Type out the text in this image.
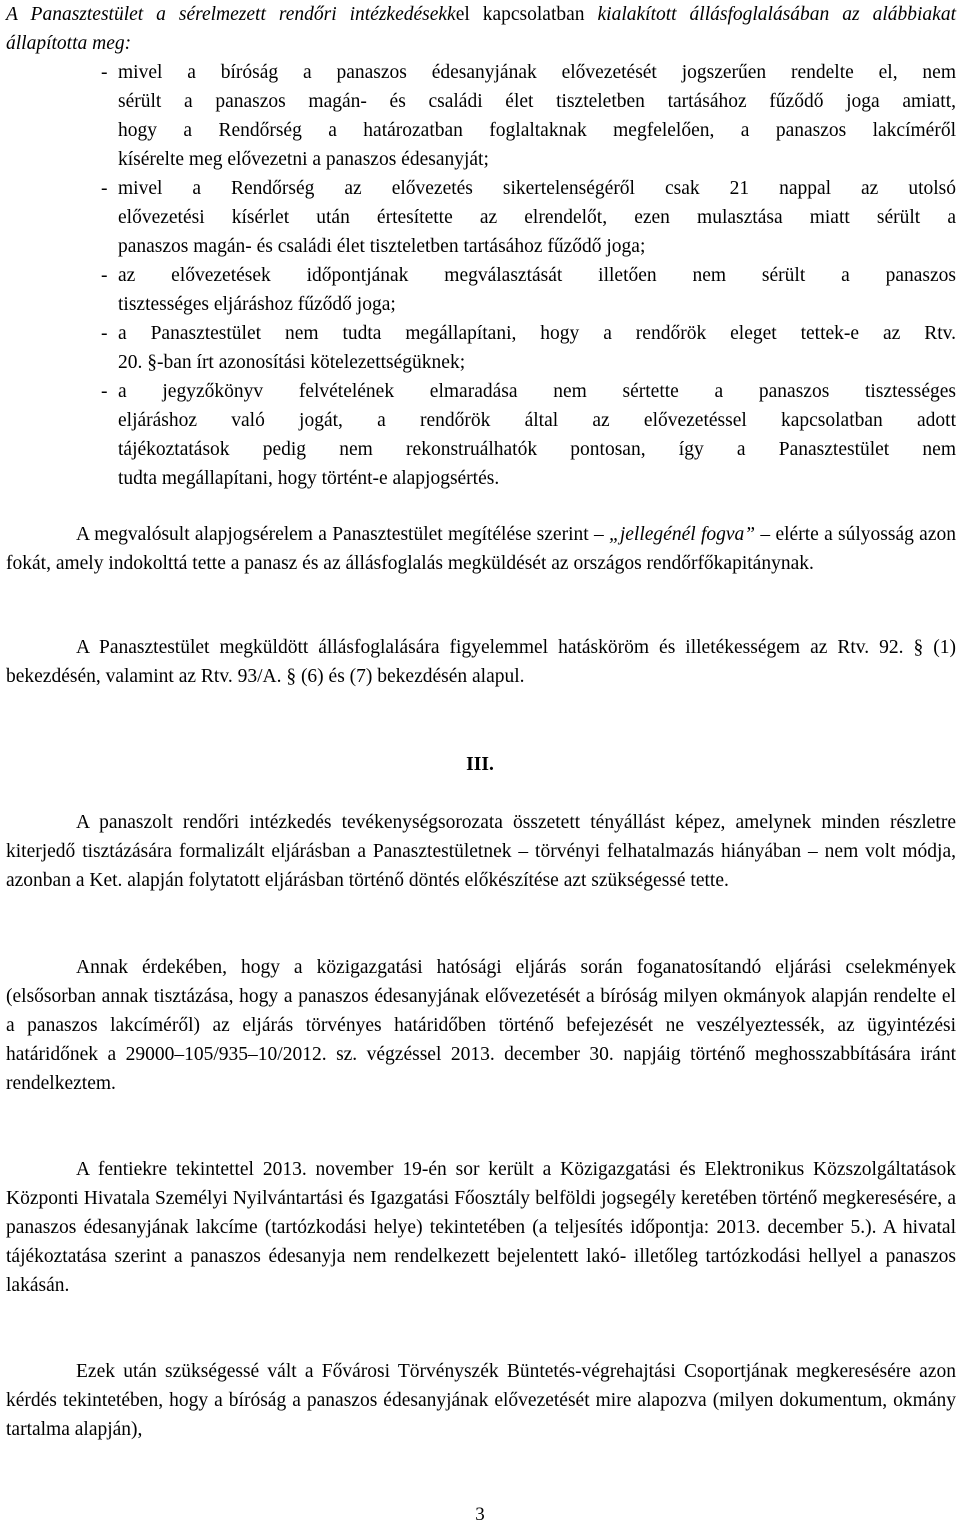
A Panasztestület a sérelmezett rendőri intézkedésekkel kapcsolatban kialakított állásfoglalásában az alábbiakat állapította meg:

- mivel a bíróság a panaszos édesanyjának elővezetését jogszerűen rendelte el, nem

sérült a panaszos magán- és családi élet tiszteletben tartásához fűződő joga amiatt,

hogy a Rendőrség a határozatban foglaltaknak megfelelően, a panaszos lakcíméről

kísérelte meg elővezetni a panaszos édesanyját;

- mivel a Rendőrség az elővezetés sikertelenségéről csak 21 nappal az utolsó

elővezetési kísérlet után értesítette az elrendelőt, ezen mulasztása miatt sérült a

panaszos magán- és családi élet tiszteletben tartásához fűződő joga;

- az elővezetések időpontjának megválasztását illetően nem sérült a panaszos

tisztességes eljáráshoz fűződő joga;

- a Panasztestület nem tudta megállapítani, hogy a rendőrök eleget tettek-e az Rtv.

20. §-ban írt azonosítási kötelezettségüknek;

- a jegyzőkönyv felvételének elmaradása nem sértette a panaszos tisztességes

eljáráshoz való jogát, a rendőrök által az elővezetéssel kapcsolatban adott

tájékoztatások pedig nem rekonstruálhatók pontosan, így a Panasztestület nem

tudta megállapítani, hogy történt-e alapjogsértés.

A megvalósult alapjogsérelem a Panasztestület megítélése szerint – „jellegénél fogva” – elérte a súlyosság azon fokát, amely indokolttá tette a panasz és az állásfoglalás megküldését az országos rendőrfőkapitánynak.

A Panasztestület megküldött állásfoglalására figyelemmel hatásköröm és illetékességem az Rtv. 92. § (1) bekezdésén, valamint az Rtv. 93/A. § (6) és (7) bekezdésén alapul.

III.

A panaszolt rendőri intézkedés tevékenységsorozata összetett tényállást képez, amelynek minden részletre kiterjedő tisztázására formalizált eljárásban a Panasztestületnek – törvényi felhatalmazás hiányában – nem volt módja, azonban a Ket. alapján folytatott eljárásban történő döntés előkészítése azt szükségessé tette.

Annak érdekében, hogy a közigazgatási hatósági eljárás során foganatosítandó eljárási cselekmények (elsősorban annak tisztázása, hogy a panaszos édesanyjának elővezetését a bíróság milyen okmányok alapján rendelte el a panaszos lakcíméről) az eljárás törvényes határidőben történő befejezését ne veszélyeztessék, az ügyintézési határidőnek a 29000–105/935–10/2012. sz. végzéssel 2013. december 30. napjáig történő meghosszabbítására iránt rendelkeztem.

A fentiekre tekintettel 2013. november 19-én sor került a Közigazgatási és Elektronikus Közszolgáltatások Központi Hivatala Személyi Nyilvántartási és Igazgatási Főosztály belföldi jogsegély keretében történő megkeresésére, a panaszos édesanyjának lakcíme (tartózkodási helye) tekintetében (a teljesítés időpontja: 2013. december 5.). A hivatal tájékoztatása szerint a panaszos édesanyja nem rendelkezett bejelentett lakó- illetőleg tartózkodási hellyel a panaszos lakásán.

Ezek után szükségessé vált a Fővárosi Törvényszék Büntetés-végrehajtási Csoportjának megkeresésére azon kérdés tekintetében, hogy a bíróság a panaszos édesanyjának elővezetését mire alapozva (milyen dokumentum, okmány tartalma alapján),

3
